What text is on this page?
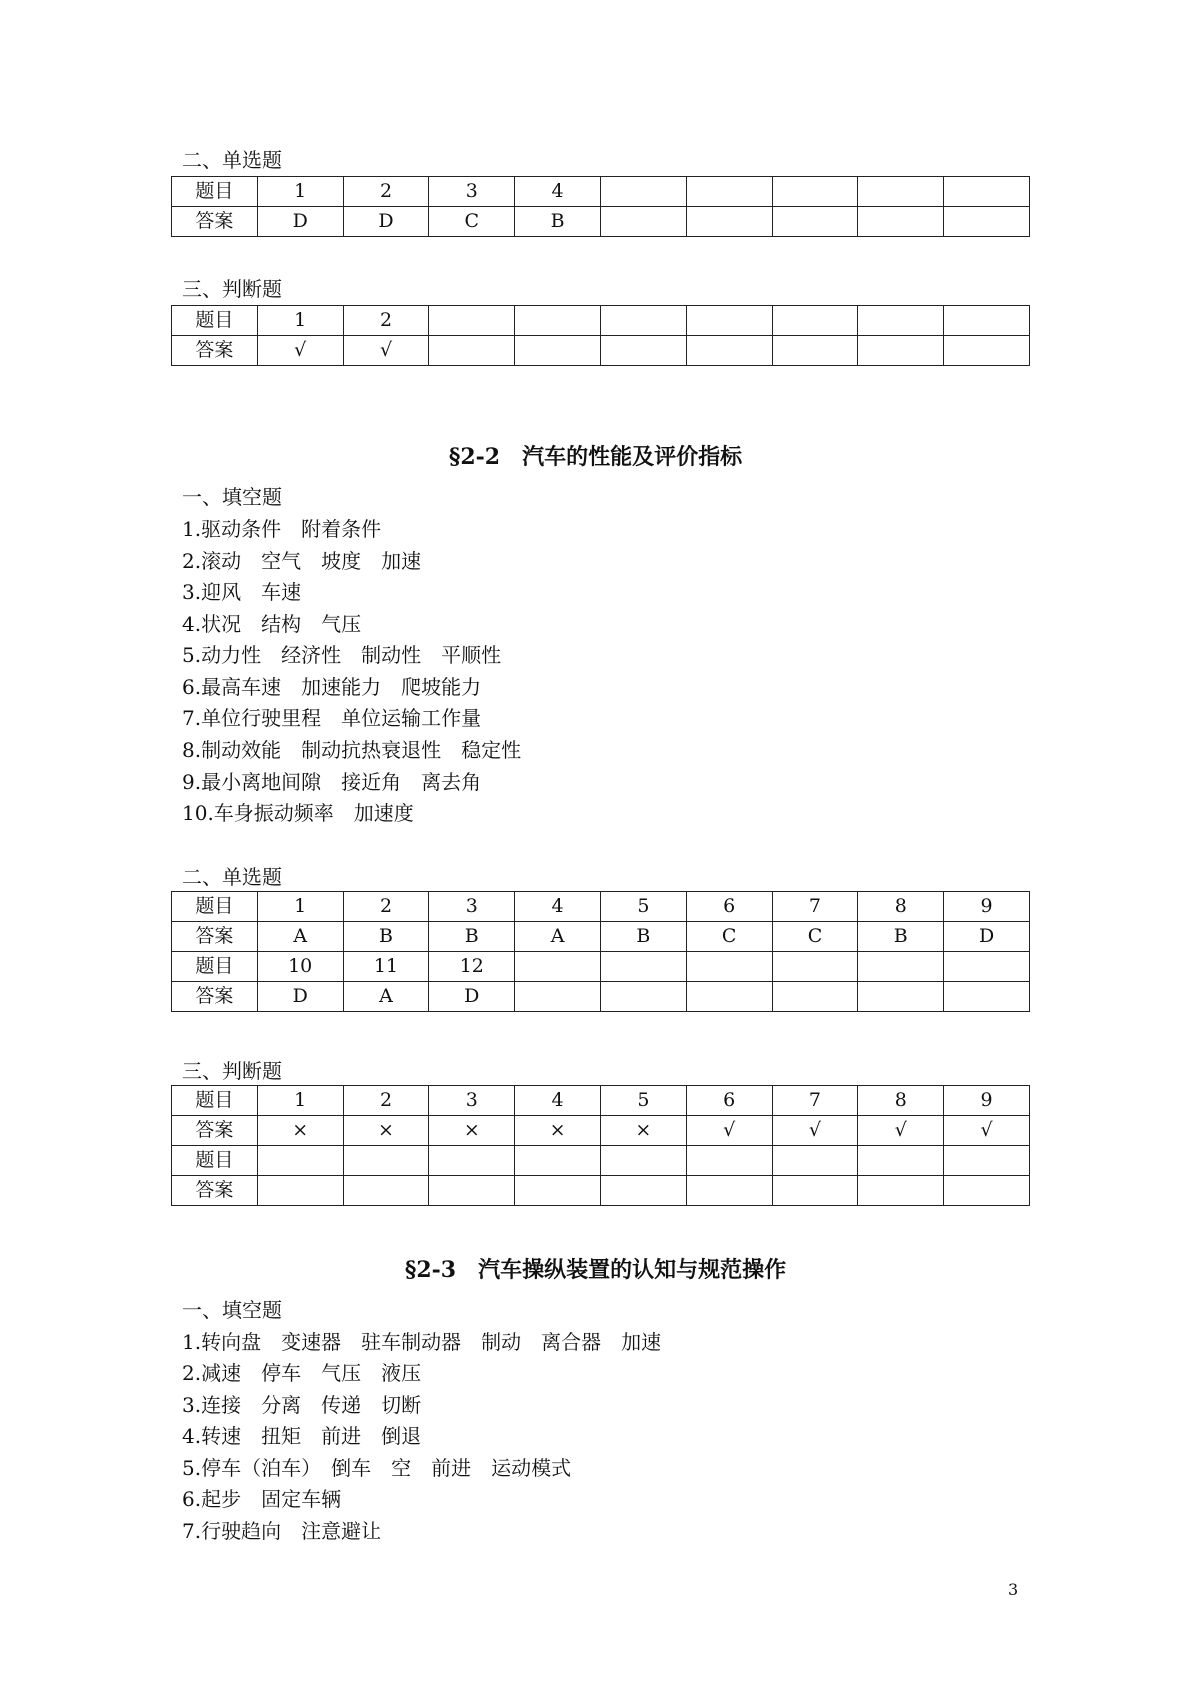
二、单选题
题目	1	2	3	4					
答案	D	D	C	B					
三、判断题
题目	1	2							
答案	√	√							
§2-2　汽车的性能及评价指标
一、填空题
1.驱动条件　附着条件
2.滚动　空气　坡度　加速
3.迎风　车速
4.状况　结构　气压
5.动力性　经济性　制动性　平顺性
6.最高车速　加速能力　爬坡能力
7.单位行驶里程　单位运输工作量
8.制动效能　制动抗热衰退性　稳定性
9.最小离地间隙　接近角　离去角
10.车身振动频率　加速度
二、单选题
题目	1	2	3	4	5	6	7	8	9
答案	A	B	B	A	B	C	C	B	D
题目	10	11	12						
答案	D	A	D						
三、判断题
题目	1	2	3	4	5	6	7	8	9
答案	×	×	×	×	×	√	√	√	√
题目									
答案									
§2-3　汽车操纵装置的认知与规范操作
一、填空题
1.转向盘　变速器　驻车制动器　制动　离合器　加速
2.减速　停车　气压　液压
3.连接　分离　传递　切断
4.转速　扭矩　前进　倒退
5.停车（泊车）　倒车　空　前进　运动模式
6.起步　固定车辆
7.行驶趋向　注意避让
3
